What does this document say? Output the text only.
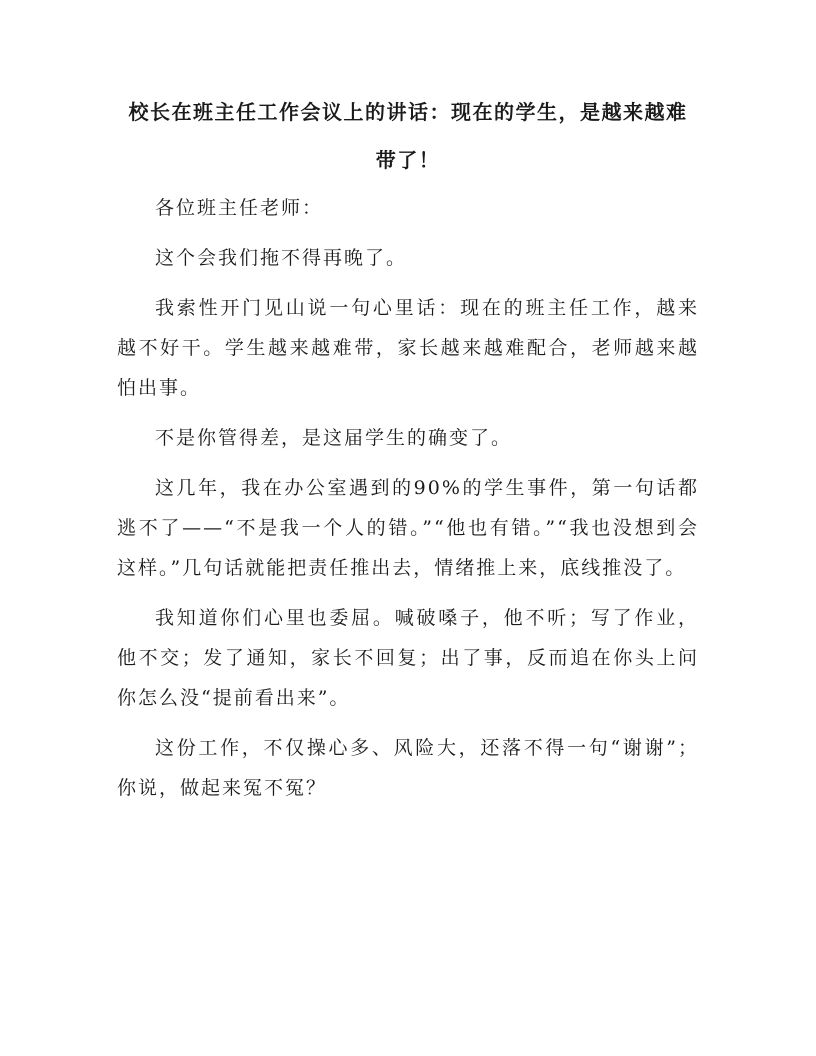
校长在班主任工作会议上的讲话：现在的学生，是越来越难
带了！

各位班主任老师：

这个会我们拖不得再晚了。

我索性开门见山说一句心里话：现在的班主任工作，越来越不好干。学生越来越难带，家长越来越难配合，老师越来越怕出事。

不是你管得差，是这届学生的确变了。

这几年，我在办公室遇到的90%的学生事件，第一句话都逃不了——“不是我一个人的错。”“他也有错。”“我也没想到会这样。”几句话就能把责任推出去，情绪推上来，底线推没了。

我知道你们心里也委屈。喊破嗓子，他不听；写了作业，他不交；发了通知，家长不回复；出了事，反而追在你头上问你怎么没“提前看出来”。

这份工作，不仅操心多、风险大，还落不得一句“谢谢”；你说，做起来冤不冤？
